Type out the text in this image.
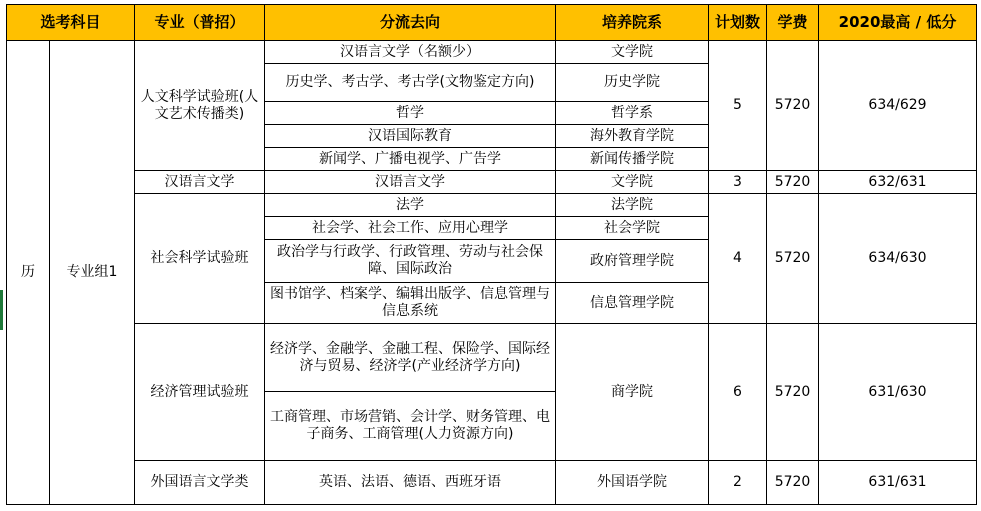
选考科目		专业（普招）	分流去向	培养院系	计划数	学费	2020最高 / 低分
历	专业组1	人文科学试验班(人文艺术传播类)	汉语言文学（名额少）	文学院	5	5720	634/629
			历史学、考古学、考古学(文物鉴定方向)	历史学院			
			哲学	哲学系			
			汉语国际教育	海外教育学院			
			新闻学、广播电视学、广告学	新闻传播学院			
		汉语言文学	汉语言文学	文学院	3	5720	632/631
		社会科学试验班	法学	法学院	4	5720	634/630
			社会学、社会工作、应用心理学	社会学院			
			政治学与行政学、行政管理、劳动与社会保障、国际政治	政府管理学院			
			图书馆学、档案学、编辑出版学、信息管理与信息系统	信息管理学院			
		经济管理试验班	经济学、金融学、金融工程、保险学、国际经济与贸易、经济学(产业经济学方向)	商学院	6	5720	631/630
			工商管理、市场营销、会计学、财务管理、电子商务、工商管理(人力资源方向)				
		外国语言文学类	英语、法语、德语、西班牙语	外国语学院	2	5720	631/631
